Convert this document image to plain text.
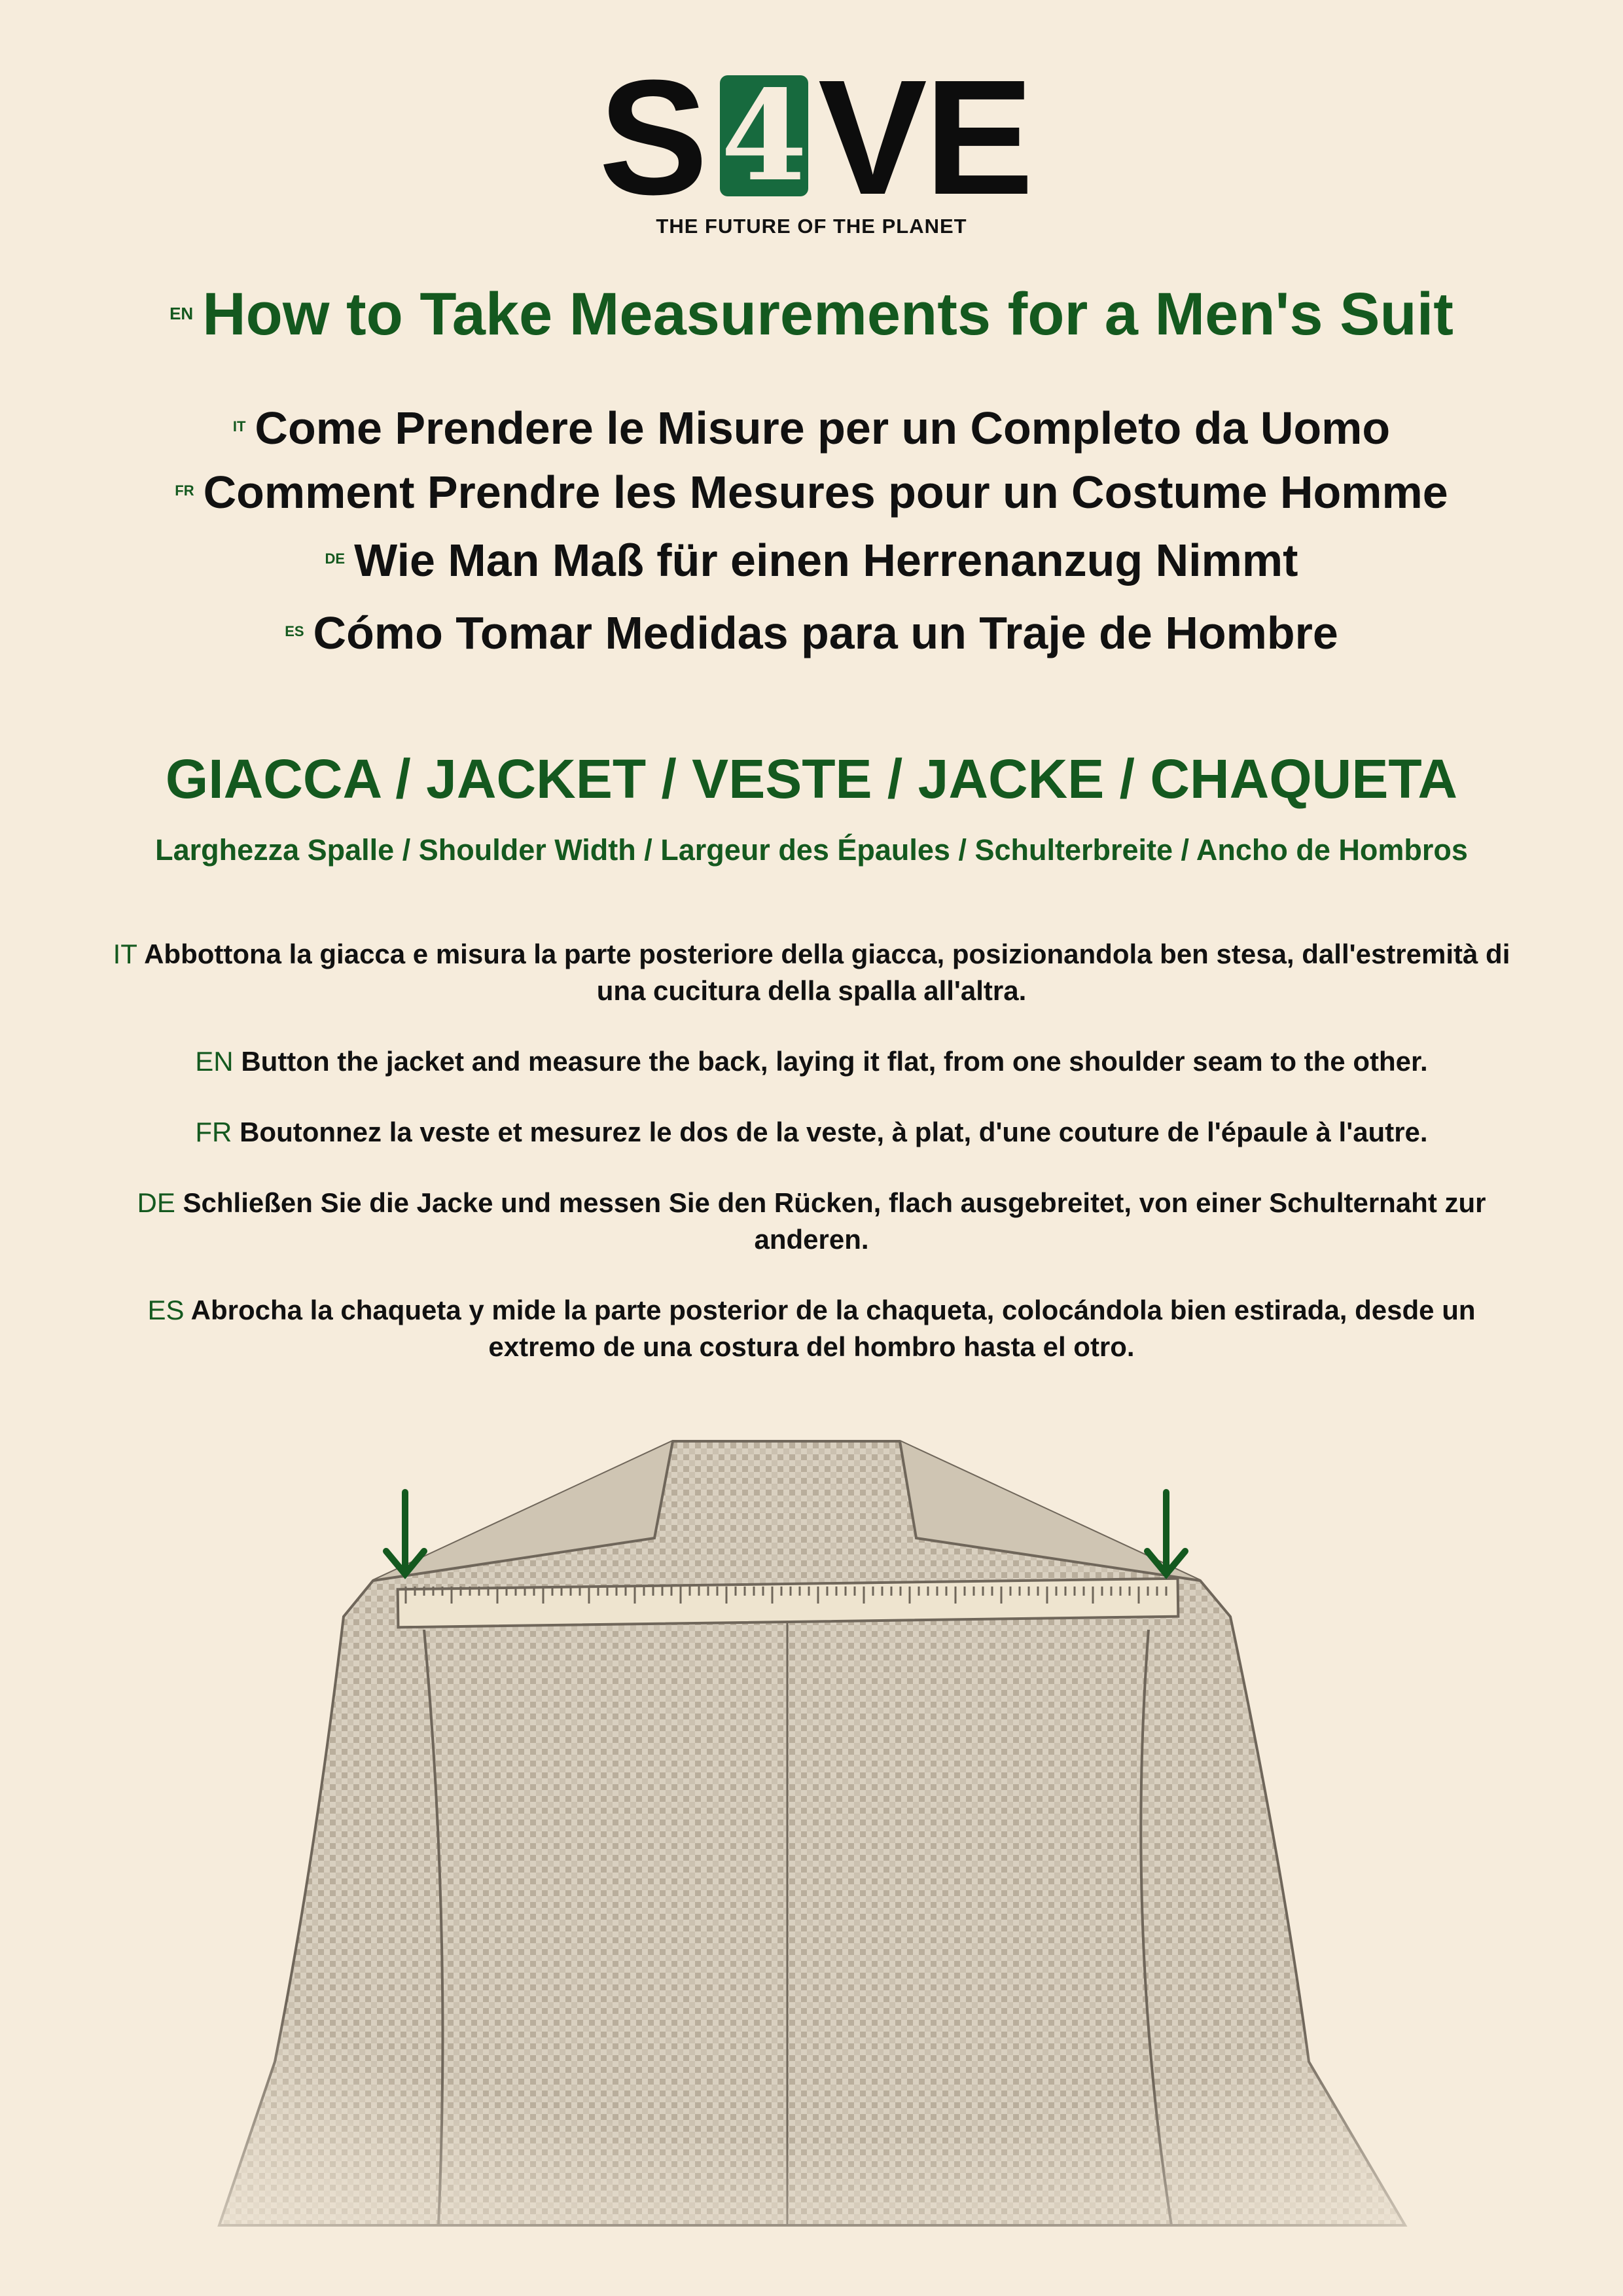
S 4 VE
THE FUTURE OF THE PLANET
EN How to Take Measurements for a Men's Suit
IT Come Prendere le Misure per un Completo da Uomo
FR Comment Prendre les Mesures pour un Costume Homme
DE Wie Man Maß für einen Herrenanzug Nimmt
ES Cómo Tomar Medidas para un Traje de Hombre
GIACCA / JACKET / VESTE / JACKE / CHAQUETA
Larghezza Spalle / Shoulder Width / Largeur des Épaules / Schulterbreite / Ancho de Hombros

IT Abbottona la giacca e misura la parte posteriore della giacca, posizionandola ben stesa, dall'estremità di una cucitura della spalla all'altra.

EN Button the jacket and measure the back, laying it flat, from one shoulder seam to the other.

FR Boutonnez la veste et mesurez le dos de la veste, à plat, d'une couture de l'épaule à l'autre.

DE Schließen Sie die Jacke und messen Sie den Rücken, flach ausgebreitet, von einer Schulternaht zur anderen.

ES Abrocha la chaqueta y mide la parte posterior de la chaqueta, colocándola bien estirada, desde un extremo de una costura del hombro hasta el otro.
